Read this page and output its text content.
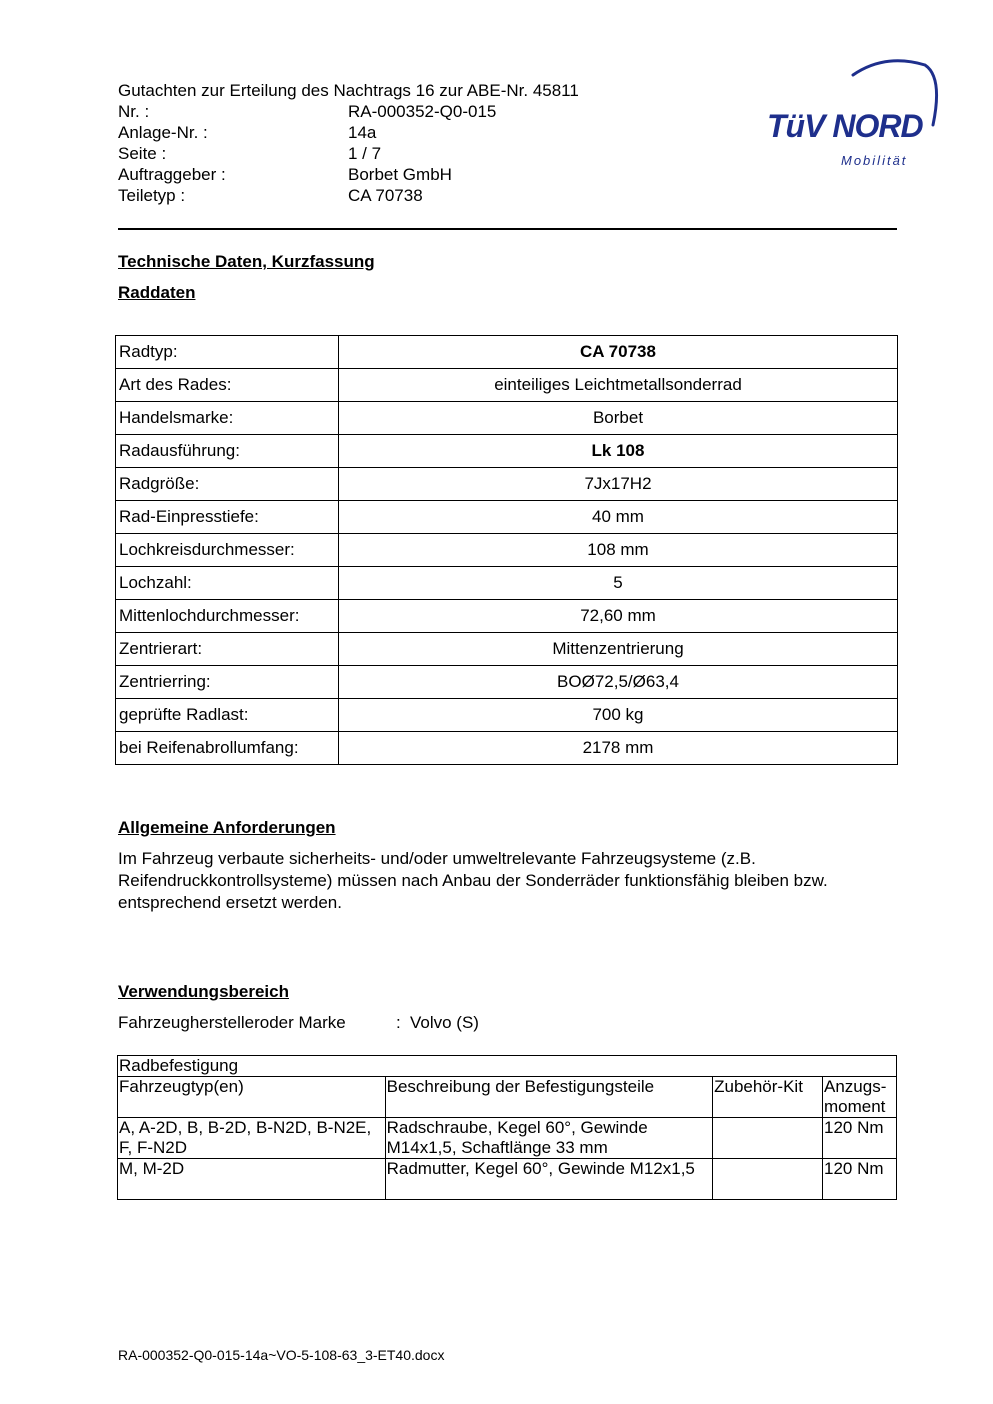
Gutachten zur Erteilung des Nachtrags 16 zur ABE-Nr. 45811
Nr. :	RA-000352-Q0-015
Anlage-Nr. :	14a
Seite :	1 / 7
Auftraggeber :	Borbet GmbH
Teiletyp :	CA 70738
TüV NORD
Mobilität
Technische Daten, Kurzfassung
Raddaten
Radtyp:	CA 70738
Art des Rades:	einteiliges Leichtmetallsonderrad
Handelsmarke:	Borbet
Radausführung:	Lk 108
Radgröße:	7Jx17H2
Rad-Einpresstiefe:	40 mm
Lochkreisdurchmesser:	108 mm
Lochzahl:	5
Mittenlochdurchmesser:	72,60 mm
Zentrierart:	Mittenzentrierung
Zentrierring:	BOØ72,5/Ø63,4
geprüfte Radlast:	700 kg
bei Reifenabrollumfang:	2178 mm
Allgemeine Anforderungen
Im Fahrzeug verbaute sicherheits- und/oder umweltrelevante Fahrzeugsysteme (z.B. Reifendruckkontrollsysteme) müssen nach Anbau der Sonderräder funktionsfähig bleiben bzw. entsprechend ersetzt werden.
Verwendungsbereich
Fahrzeugherstelleroder Marke	: Volvo (S)
Radbefestigung			
Fahrzeugtyp(en)	Beschreibung der Befestigungsteile	Zubehör-Kit	Anzugs-moment
A, A-2D, B, B-2D, B-N2D, B-N2E, F, F-N2D	Radschraube, Kegel 60°, Gewinde M14x1,5, Schaftlänge 33 mm		120 Nm
M, M-2D	Radmutter, Kegel 60°, Gewinde M12x1,5		120 Nm
RA-000352-Q0-015-14a~VO-5-108-63_3-ET40.docx
